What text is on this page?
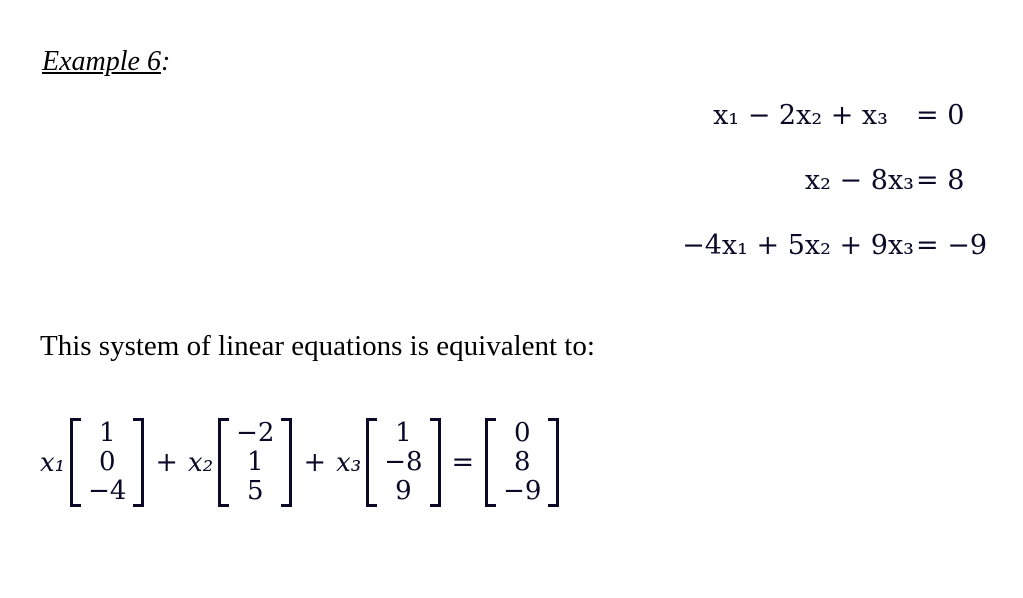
Example 6:
x₁ − 2x₂ + x₃	= 0
x₂ − 8x₃ = 8
−4x₁ + 5x₂ + 9x₃ = −9
This system of linear equations is equivalent to:
x₁
1
0
−4
+ x₂
−2
1
5
+ x₃
1
−8
9
=
0
8
−9
